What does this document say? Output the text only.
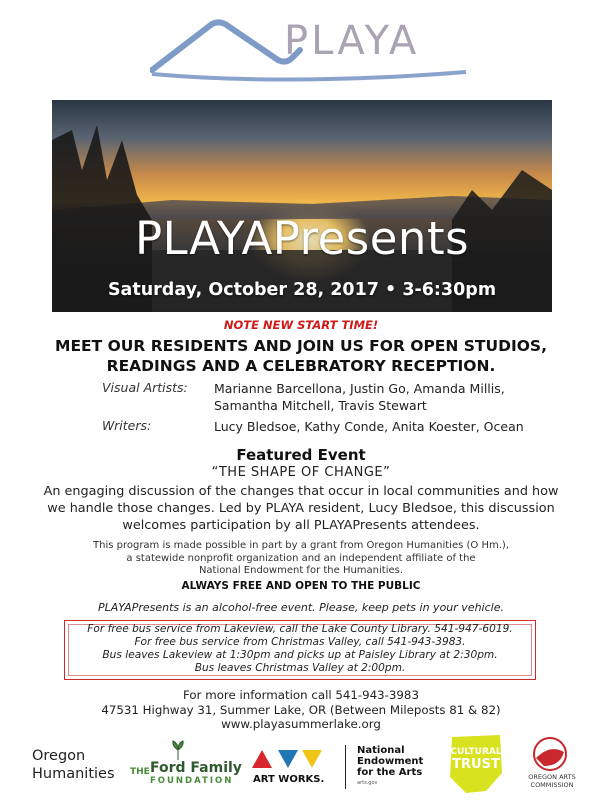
PLAYA
PLAYAPresents
Saturday, October 28, 2017 • 3-6:30pm
NOTE NEW START TIME!
MEET OUR RESIDENTS AND JOIN US FOR OPEN STUDIOS,
READINGS AND A CELEBRATORY RECEPTION.
Visual Artists: Marianne Barcellona, Justin Go, Amanda Millis,
Samantha Mitchell, Travis Stewart
Writers:	Lucy Bledsoe, Kathy Conde, Anita Koester, Ocean
Featured Event
“THE SHAPE OF CHANGE”
An engaging discussion of the changes that occur in local communities and how
we handle those changes. Led by PLAYA resident, Lucy Bledsoe, this discussion
welcomes participation by all PLAYAPresents attendees.
This program is made possible in part by a grant from Oregon Humanities (O Hm.),
a statewide nonprofit organization and an independent affiliate of the
National Endowment for the Humanities.
ALWAYS FREE AND OPEN TO THE PUBLIC
PLAYAPresents is an alcohol-free event. Please, keep pets in your vehicle.
For free bus service from Lakeview, call the Lake County Library. 541-947-6019.
For free bus service from Christmas Valley, call 541-943-3983.
Bus leaves Lakeview at 1:30pm and picks up at Paisley Library at 2:30pm.
Bus leaves Christmas Valley at 2:00pm.
For more information call 541-943-3983
47531 Highway 31, Summer Lake, OR (Between Mileposts 81 & 82)
www.playasummerlake.org
Oregon
Humanities THE Ford Family
FOUNDATION ART WORKS.
National
Endowment
for the Arts
arts.gov
CULTURAL
TRUST
OREGON ARTS
COMMISSION
